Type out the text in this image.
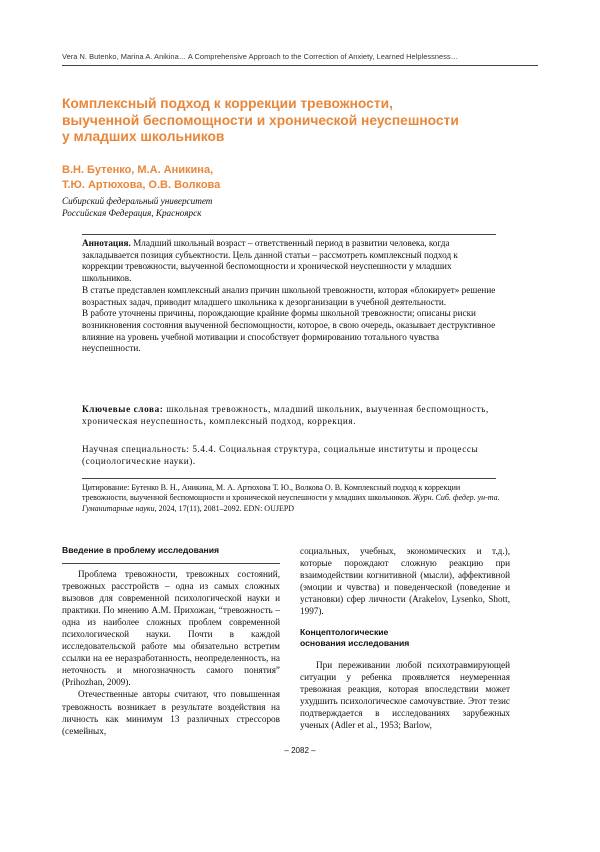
Vera N. Butenko, Marina A. Anikina… A Comprehensive Approach to the Correction of Anxiety, Learned Helplessness…
Комплексный подход к коррекции тревожности,
выученной беспомощности и хронической неуспешности
у младших школьников
В.Н. Бутенко, М.А. Аникина,
Т.Ю. Артюхова, О.В. Волкова
Сибирский федеральный университет
Российская Федерация, Красноярск

Аннотация. Младший школьный возраст – ответственный период в развитии человека, когда закладывается позиция субъектности. Цель данной статьи – рассмотреть комплексный подход к коррекции тревожности, выученной беспомощности и хронической неуспешности у младших школьников.

В статье представлен комплексный анализ причин школьной тревожности, которая «блокирует» решение возрастных задач, приводит младшего школьника к дезорганизации в учебной деятельности.

В работе уточнены причины, порождающие крайние формы школьной тревожности; описаны риски возникновения состояния выученной беспомощности, которое, в свою очередь, оказывает деструктивное влияние на уровень учебной мотивации и способствует формированию тотального чувства неуспешности.

Ключевые слова: школьная тревожность, младший школьник, выученная беспомощность, хроническая неуспешность, комплексный подход, коррекция.
Научная специальность: 5.4.4. Социальная структура, социальные институты и процессы (социологические науки).
Цитирование: Бутенко В. Н., Аникина, М. А. Артюхова Т. Ю., Волкова О. В. Комплексный подход к коррекции тревожности, выученной беспомощности и хронической неуспешности у младших школьников. Журн. Сиб. федер. ун-та. Гуманитарные науки, 2024, 17(11), 2081–2092. EDN: OUJEPD
Введение в проблему исследования

Проблема тревожности, тревожных состояний, тревожных расстройств – одна из самых сложных вызовов для современной психологической науки и практики. По мнению А.М. Прихожан, “тревожность – одна из наиболее сложных проблем современной психологической науки. Почти в каждой исследовательской работе мы обязательно встретим ссылки на ее неразработанность, неопределенность, на неточность и многозначность самого понятия” (Prihozhan, 2009).

Отечественные авторы считают, что повышенная тревожность возникает в результате воздействия на личность как минимум 13 различных стрессоров (семейных,

социальных, учебных, экономических и т.д.), которые порождают сложную реакцию при взаимодействии когнитивной (мысли), аффективной (эмоции и чувства) и поведенческой (поведение и установки) сфер личности (Arakelov, Lysenko, Shott, 1997).

Концептологические
основания исследования

При переживании любой психотравмирующей ситуации у ребенка проявляется неумеренная тревожная реакция, которая впоследствии может ухудшить психологическое самочувствие. Этот тезис подтверждается в исследованиях зарубежных ученых (Adler et al., 1953; Barlow,

– 2082 –
